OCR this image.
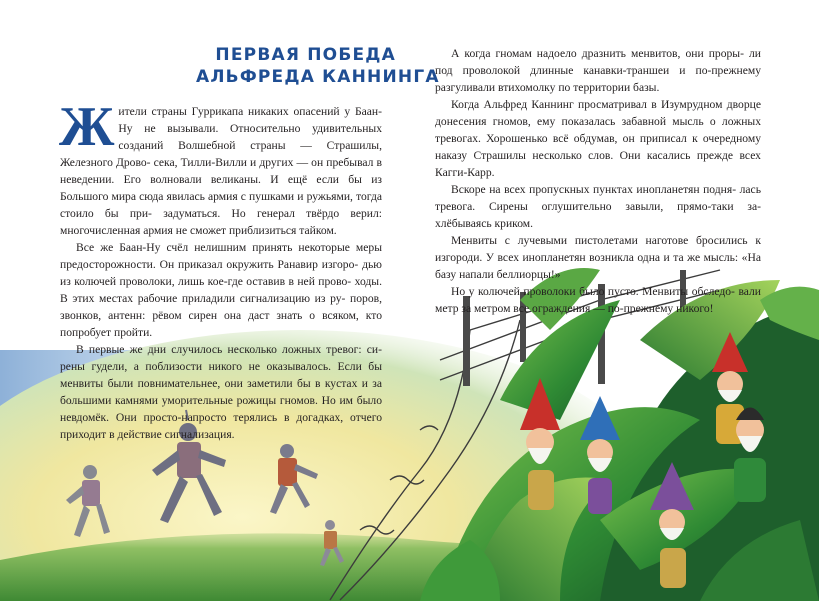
ПЕРВАЯ ПОБЕДА
АЛЬФРЕДА КАННИНГА

Жители страны Гуррикапа никаких опасений у Баан-Ну не вызывали. Относительно удивительных созданий Волшебной страны — Страшилы, Железного Дрово- сека, Тилли-Вилли и других — он пребывал в неведении. Его волновали великаны. И ещё если бы из Большого мира сюда явилась армия с пушками и ружьями, тогда стоило бы при- задуматься. Но генерал твёрдо верил: многочисленная армия не сможет приблизиться тайком.

Все же Баан-Ну счёл нелишним принять некоторые меры предосторожности. Он приказал окружить Ранавир изгоро- дью из колючей проволоки, лишь кое-где оставив в ней прово- ходы. В этих местах рабочие приладили сигнализацию из ру- поров, звонков, антенн: рёвом сирен она даст знать о всяком, кто попробует пройти.

В первые же дни случилось несколько ложных тревог: си- рены гудели, а поблизости никого не оказывалось. Если бы менвиты были повнимательнее, они заметили бы в кустах и за большими камнями уморительные рожицы гномов. Но им было невдомёк. Они просто-напросто терялись в догадках, отчего приходит в действие сигнализация.

А когда гномам надоело дразнить менвитов, они проры- ли под проволокой длинные канавки-траншеи и по-прежнему разгуливали втихомолку по территории базы.

Когда Альфред Каннинг просматривал в Изумрудном дворце донесения гномов, ему показалась забавной мысль о ложных тревогах. Хорошенько всё обдумав, он приписал к очередному наказу Страшилы несколько слов. Они касались прежде всех Кагги-Карр.

Вскоре на всех пропускных пунктах инопланетян подня- лась тревога. Сирены оглушительно завыли, прямо-таки за- хлёбываясь криком.

Менвиты с лучевыми пистолетами наготове бросились к изгороди. У всех инопланетян возникла одна и та же мысль: «На базу напали беллиорцы!»

Но у колючей проволоки было пусто. Менвиты обследо- вали метр за метром все ограждения — по-прежнему никого!
